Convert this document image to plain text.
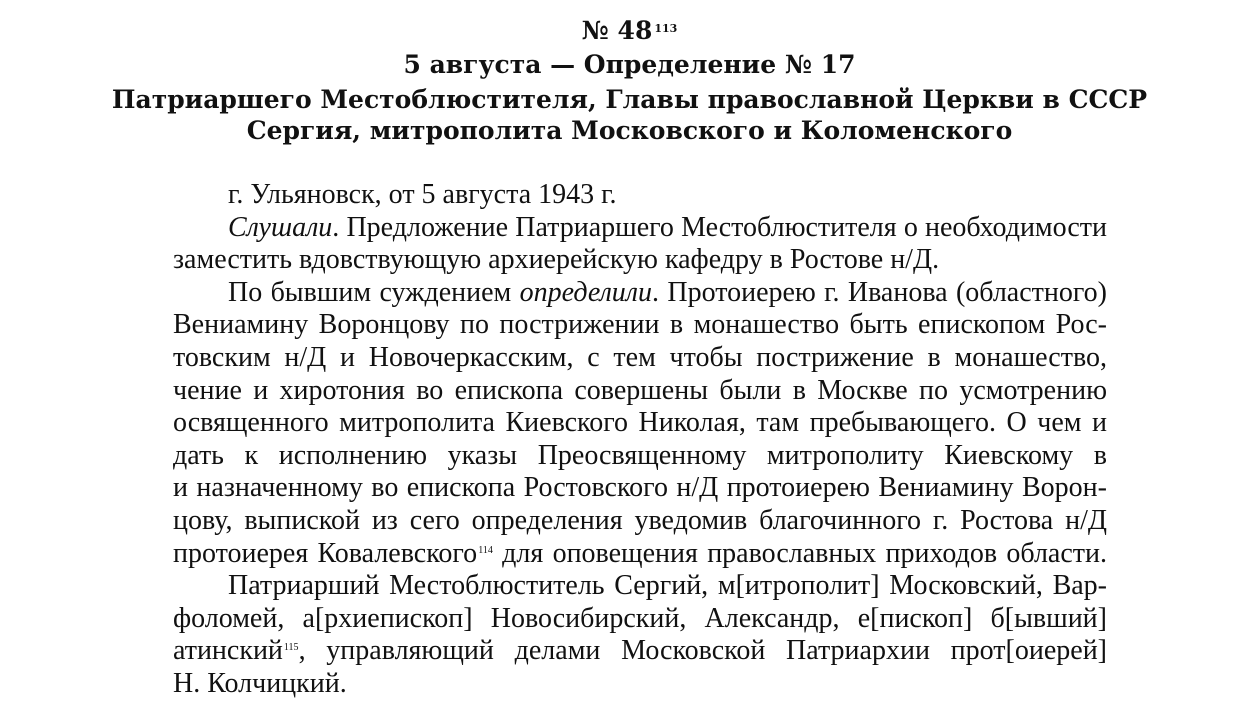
№ 48 $^{113}$
5 августа — Определение № 17
Патриаршего Местоблюстителя, Главы православной Церкви в СССР
Сергия, митрополита Московского и Коломенского
г. Ульяновск, от 5 августа 1943 г.
Слушали. Предложение Патриаршего Местоблюстителя о необходимости
заместить вдовствующую архиерейскую кафедру в Ростове н/Д.
По бывшим суждением определили. Протоиерею г. Иванова (областного)
Вениамину Воронцову по пострижении в монашество быть епископом Рос-
товским н/Д и Новочеркасским, с тем чтобы пострижение в монашество,
чение и хиротония во епископа совершены были в Москве по усмотрению
освященного митрополита Киевского Николая, там пребывающего. О чем и
дать к исполнению указы Преосвященному митрополиту Киевскому в
и назначенному во епископа Ростовского н/Д протоиерею Вениамину Ворон-
цову, выпиской из сего определения уведомив благочинного г. Ростова н/Д
протоиерея Ковалевского$^{114}$ для оповещения православных приходов области.
Патриарший Местоблюститель Сергий, м[итрополит] Московский, Вар-
фоломей, а[рхиепископ] Новосибирский, Александр, е[пископ] б[ывший]
атинский$^{115}$, управляющий делами Московской Патриархии прот[оиерей]
Н. Колчицкий.
